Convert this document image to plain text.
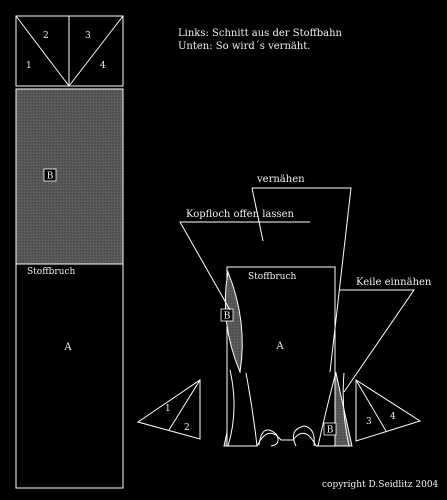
Links: Schnitt aus der Stoffbahn
Unten: So wird´s vernäht.
1
2	3
4
B
Stoffbruch
A
Stoffbruch
A
B
B
1
2
3 4
vernähen
Kopfloch offen lassen
Keile einnähen
copyright D.Seidlitz 2004
